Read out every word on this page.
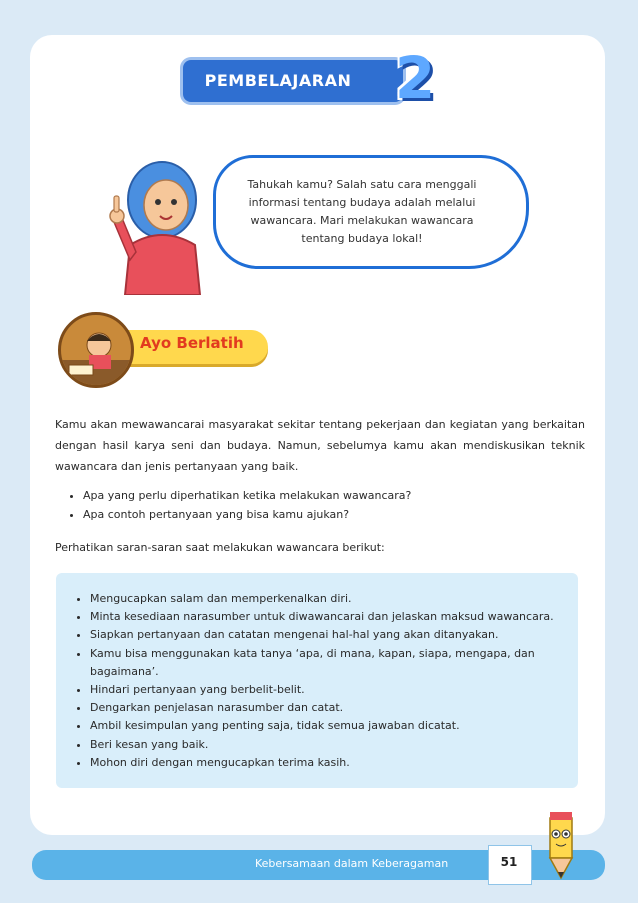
PEMBELAJARAN 2
Tahukah kamu? Salah satu cara menggali
informasi tentang budaya adalah melalui
wawancara. Mari melakukan wawancara
tentang budaya lokal!
Ayo Berlatih
Kamu akan mewawancarai masyarakat sekitar tentang pekerjaan dan kegiatan yang berkaitan dengan hasil karya seni dan budaya. Namun, sebelumya kamu akan mendiskusikan teknik wawancara dan jenis pertanyaan yang baik.
• Apa yang perlu diperhatikan ketika melakukan wawancara?
• Apa contoh pertanyaan yang bisa kamu ajukan?
Perhatikan saran-saran saat melakukan wawancara berikut:
• Mengucapkan salam dan memperkenalkan diri.
• Minta kesediaan narasumber untuk diwawancarai dan jelaskan maksud wawancara.
• Siapkan pertanyaan dan catatan mengenai hal-hal yang akan ditanyakan.
• Kamu bisa menggunakan kata tanya ‘apa, di mana, kapan, siapa, mengapa, dan bagaimana’.
• Hindari pertanyaan yang berbelit-belit.
• Dengarkan penjelasan narasumber dan catat.
• Ambil kesimpulan yang penting saja, tidak semua jawaban dicatat.
• Beri kesan yang baik.
• Mohon diri dengan mengucapkan terima kasih.
Kebersamaan dalam Keberagaman	51
